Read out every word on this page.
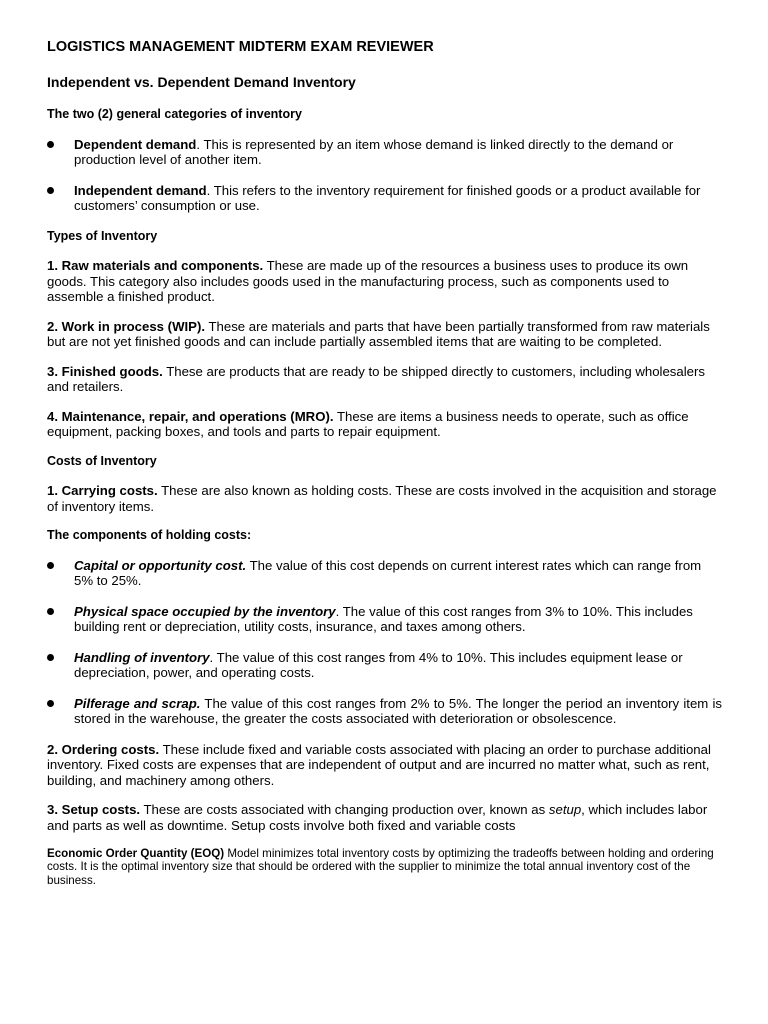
LOGISTICS MANAGEMENT MIDTERM EXAM REVIEWER
Independent vs. Dependent Demand Inventory
The two (2) general categories of inventory
Dependent demand. This is represented by an item whose demand is linked directly to the demand or production level of another item.
Independent demand. This refers to the inventory requirement for finished goods or a product available for customers’ consumption or use.
Types of Inventory

1. Raw materials and components. These are made up of the resources a business uses to produce its own goods. This category also includes goods used in the manufacturing process, such as components used to assemble a finished product.

2. Work in process (WIP). These are materials and parts that have been partially transformed from raw materials but are not yet finished goods and can include partially assembled items that are waiting to be completed.

3. Finished goods. These are products that are ready to be shipped directly to customers, including wholesalers and retailers.

4. Maintenance, repair, and operations (MRO). These are items a business needs to operate, such as office equipment, packing boxes, and tools and parts to repair equipment.

Costs of Inventory

1. Carrying costs. These are also known as holding costs. These are costs involved in the acquisition and storage of inventory items.

The components of holding costs:
Capital or opportunity cost. The value of this cost depends on current interest rates which can range from 5% to 25%.
Physical space occupied by the inventory. The value of this cost ranges from 3% to 10%. This includes building rent or depreciation, utility costs, insurance, and taxes among others.
Handling of inventory. The value of this cost ranges from 4% to 10%. This includes equipment lease or depreciation, power, and operating costs.
Pilferage and scrap. The value of this cost ranges from 2% to 5%. The longer the period an inventory item is stored in the warehouse, the greater the costs associated with deterioration or obsolescence.

2. Ordering costs. These include fixed and variable costs associated with placing an order to purchase additional inventory. Fixed costs are expenses that are independent of output and are incurred no matter what, such as rent, building, and machinery among others.

3. Setup costs. These are costs associated with changing production over, known as setup, which includes labor and parts as well as downtime. Setup costs involve both fixed and variable costs

Economic Order Quantity (EOQ) Model minimizes total inventory costs by optimizing the tradeoffs between holding and ordering costs. It is the optimal inventory size that should be ordered with the supplier to minimize the total annual inventory cost of the business.
